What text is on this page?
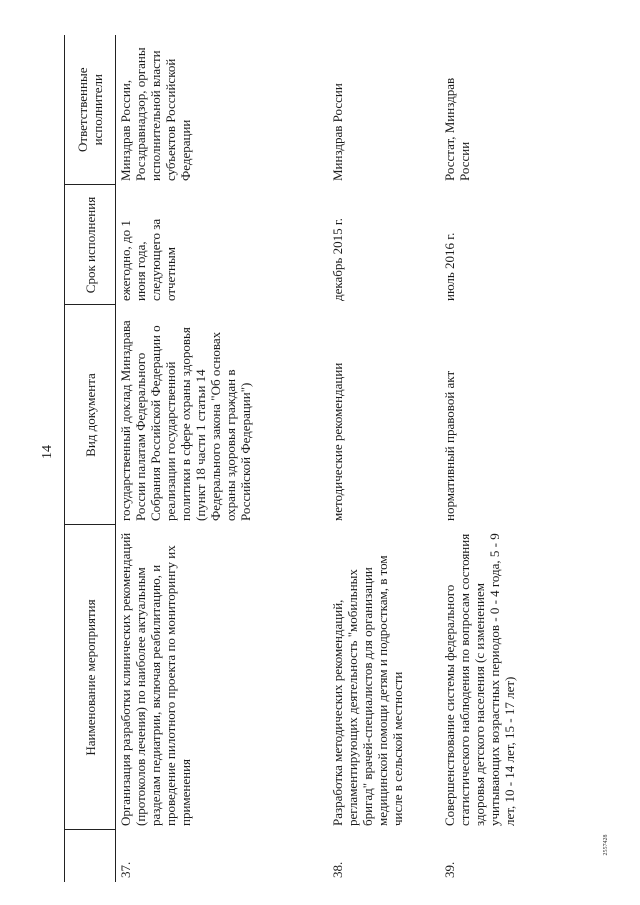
14
	Наименование мероприятия	Вид документа	Срок исполнения	Ответственные исполнители
37.	Организация разработки клинических рекомендаций (протоколов лечения) по наиболее актуальным разделам педиатрии, включая реабилитацию, и проведение пилотного проекта по мониторингу их применения	государственный доклад Минздрава России палатам Федерального Собрания Российской Федерации о реализации государственной политики в сфере охраны здоровья (пункт 18 части 1 статьи 14 Федерального закона "Об основах охраны здоровья граждан в Российской Федерации")	ежегодно, до 1 июня года, следующего за отчетным	Минздрав России, Росздравнадзор, органы исполнительной власти субъектов Российской Федерации
38.	Разработка методических рекомендаций, регламентирующих деятельность "мобильных бригад" врачей-специалистов для организации медицинской помощи детям и подросткам, в том числе в сельской местности	методические рекомендации	декабрь 2015 г.	Минздрав России
39.	Совершенствование системы федерального статистического наблюдения по вопросам состояния здоровья детского населения (с изменением учитывающих возрастных периодов - 0 - 4 года, 5 - 9 лет, 10 - 14 лет, 15 - 17 лет)	нормативный правовой акт	июль 2016 г.	Росстат, Минздрав России
2557428
